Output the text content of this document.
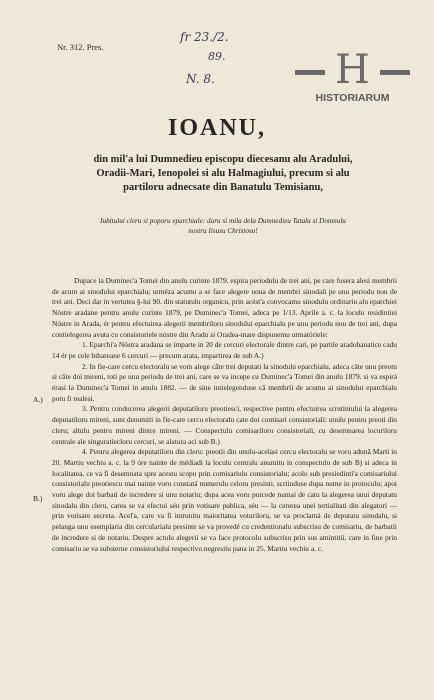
Nr. 312. Pres.
fr 23./2.
89.
N. 8.	H
HISTORIARUM
IOANU,
din mil'a lui Dumnedieu episcopu diecesanu alu Aradului,
Oradii-Mari, Ienopolei si alu Halmagiului, precum si alu
partiloru adnecsate din Banatulu Temisianu,
Iubitului cleru si poporu eparchiale: daru si mila dela Dumnedieu Tatalu si Domnulu
nostru Iisusu Christosu!

Dupace la Duminec'a Tomei din anulu curinte 1879. espira periodulu de trei ani, pe care fusera alesi membrii de acum ai sinodului eparchialu; urméza acumu a se face alegere noua de membri sinodali pe unu periodu nou de trei ani. Deci dar in vertutea §-lui 90. din statutulu organicu, prin acést'a convocamu sinodulu ordinariu alu eparchiei Nóstre aradane pentru anulu curinte 1879, pe Duminec'a Tomei, adeca pe 1/13. Aprile a. c. la loculu residintiei Nóstre in Arada, ér pentru efectuirea alegerii membriloru sinodului eparchialu pe unu periodu nou de trei ani, dupa contielegerea avuta cu consistoriele nóstre din Aradu si Oradea-mare dispunemu urmatóriele:

1. Eparchi'a Nóstra aradana se imparte in 20 de cercuri electorale dintre cari, pe partile aradobanatice cadu 14 ér pe cele bihareane 6 cercuri — precum arata, impartirea de sub A.)

2. In fie-care cercu electoralu se vom alege câte trei deputati la sinodulu eparchialu, adeca câte unu preotu si câte doi mireni, toti pe unu periodu de trei ani, care se va incepe cu Duminec'a Tomei din anulu 1879. si va espirá érasi la Duminec'a Tomei in anulu 1882. — de sine intielegenduse câ membrii de acumu ai sinodului eparchialu potu fi realesi.

3. Pentru conducerea alegerii deputatiloru preotiesci, respective pentru efectuirea scrutiniului la alegerea deputatiloru mireni, sunt denumiti in fie-care cercu electoralu cate doi comisari consistoriali: unulu pentru preoti din cleru; altulu pentru mireni dintre mireni. — Conspectulu comisariloru consistoriali, cu desemnarea locuriloru centrale ale singuratiecloru cercuri, se alatura aci sub B.)

4. Pentru alegerea deputatiloru din cleru: preotii din unulu-acelasi cercu electoralu se voru adunâ Marti in 20. Martiu vechiu a. c. la 9 óre nainte de médiadi la loculu centralu anumitu in conspectulu de sub B) si adeca in localitatea, ce va fi desemnata spre acestu scopu prin comisariulu consistorialu; acolo sub presiedinti'a comisariului consistorialu preotiescu mai nainte voru constatá numerulu celoru presinti, scriinduse dupa nume in protocolu; apoi voru alege doi barbati de incredere si unu notariu; dupa acea voru purcede numai de catu la alegerea unui deputatu sinodalu din cleru, carea se va efectui séu prin votisare publica, séu — la cererea unei tertialitati din alegatori — prin votisare secreta. Acel'a, care va fi intrunitu maioritatea voturiloru, se va proclamá de deputatu sinodalu, si pelanga unu esemplaria din cercularialu presinte se va provedé cu credentionalu subscrisu de comisariu, de barbatii de incredere si de notariu. Despre actulu alegerii se va face protocolu subscrisu prin sus amintitii, care in fine prin comisariu se va substerne consistoriului respectivu negresitu pana in 25. Martiu vechiu a. c.

A.)
B.)
